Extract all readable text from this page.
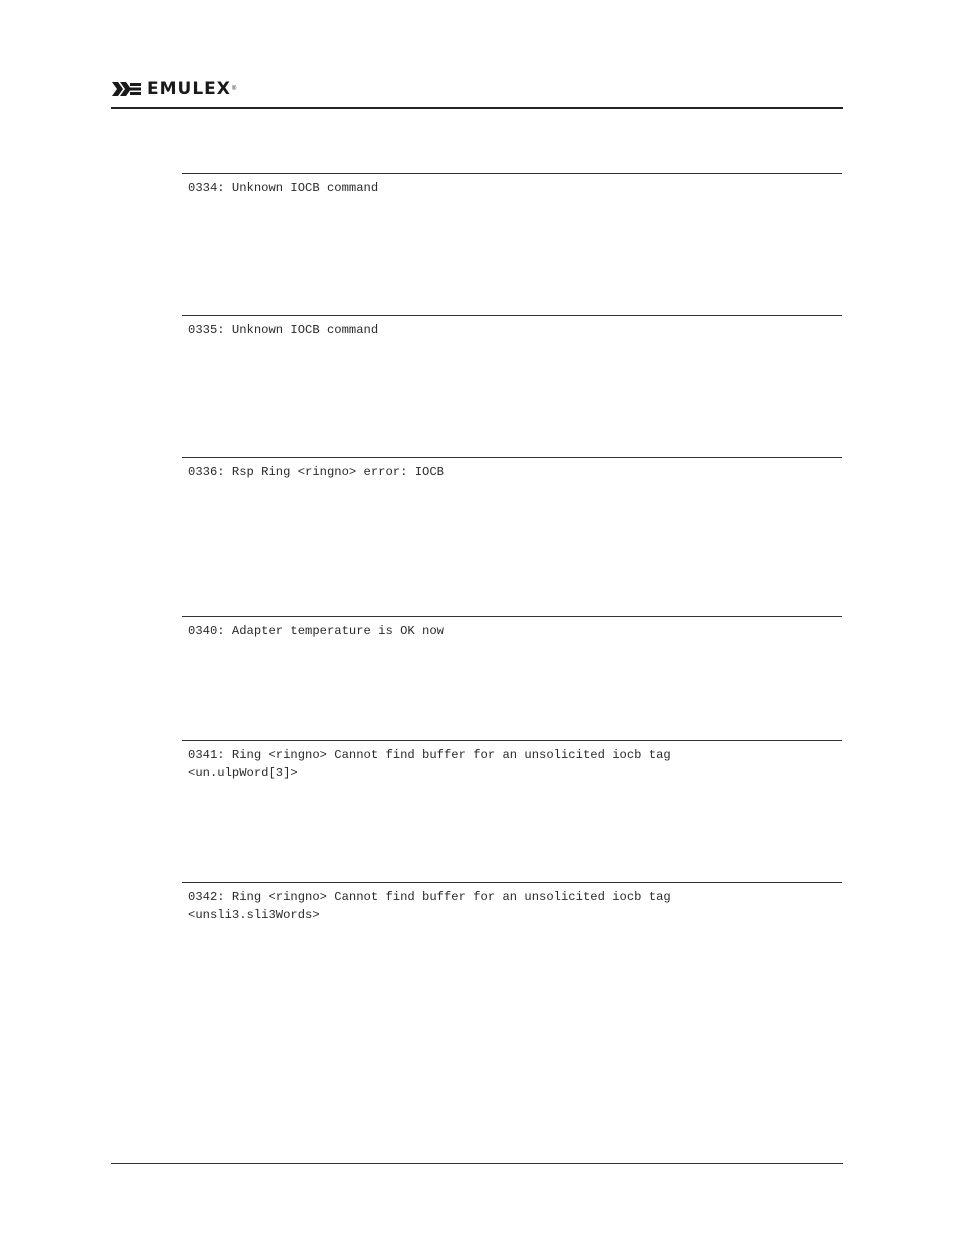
EMULEX ®
0334: Unknown IOCB command
0335: Unknown IOCB command
0336: Rsp Ring <ringno> error: IOCB
0340: Adapter temperature is OK now
0341: Ring <ringno> Cannot find buffer for an unsolicited iocb tag
<un.ulpWord[3]>
0342: Ring <ringno> Cannot find buffer for an unsolicited iocb tag
<unsli3.sli3Words>
